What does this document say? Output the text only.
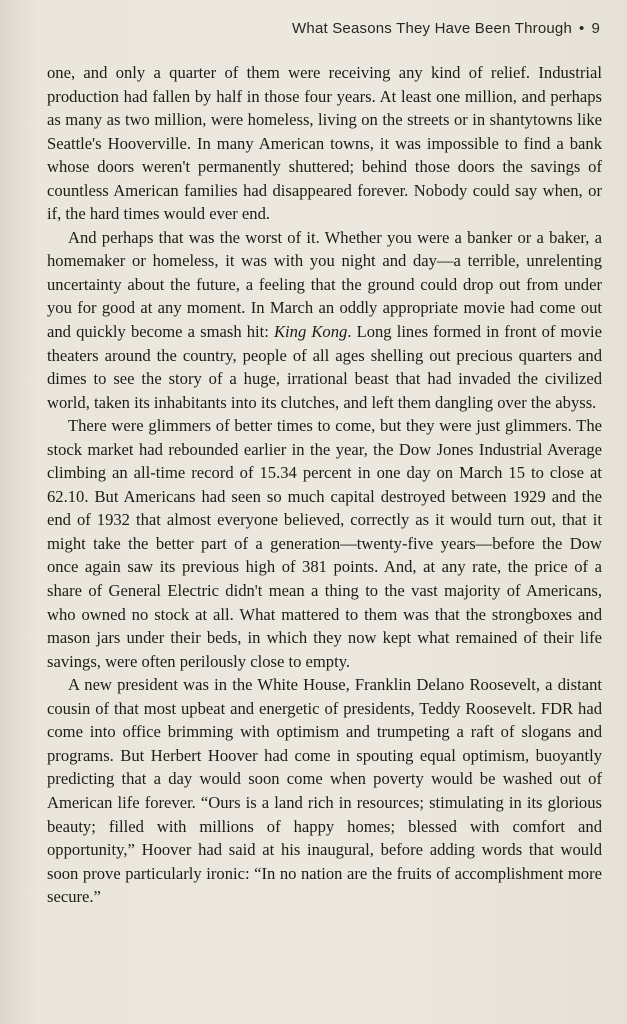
What Seasons They Have Been Through • 9

one, and only a quarter of them were receiving any kind of relief. Industrial production had fallen by half in those four years. At least one million, and perhaps as many as two million, were homeless, living on the streets or in shantytowns like Seattle's Hooverville. In many American towns, it was impossible to find a bank whose doors weren't permanently shuttered; behind those doors the savings of countless American families had disappeared forever. Nobody could say when, or if, the hard times would ever end.

And perhaps that was the worst of it. Whether you were a banker or a baker, a homemaker or homeless, it was with you night and day—a terrible, unrelenting uncertainty about the future, a feeling that the ground could drop out from under you for good at any moment. In March an oddly appropriate movie had come out and quickly become a smash hit: King Kong. Long lines formed in front of movie theaters around the country, people of all ages shelling out precious quarters and dimes to see the story of a huge, irrational beast that had invaded the civilized world, taken its inhabitants into its clutches, and left them dangling over the abyss.

There were glimmers of better times to come, but they were just glimmers. The stock market had rebounded earlier in the year, the Dow Jones Industrial Average climbing an all-time record of 15.34 percent in one day on March 15 to close at 62.10. But Americans had seen so much capital destroyed between 1929 and the end of 1932 that almost everyone believed, correctly as it would turn out, that it might take the better part of a generation—twenty-five years—before the Dow once again saw its previous high of 381 points. And, at any rate, the price of a share of General Electric didn't mean a thing to the vast majority of Americans, who owned no stock at all. What mattered to them was that the strongboxes and mason jars under their beds, in which they now kept what remained of their life savings, were often perilously close to empty.

A new president was in the White House, Franklin Delano Roosevelt, a distant cousin of that most upbeat and energetic of presidents, Teddy Roosevelt. FDR had come into office brimming with optimism and trumpeting a raft of slogans and programs. But Herbert Hoover had come in spouting equal optimism, buoyantly predicting that a day would soon come when poverty would be washed out of American life forever. “Ours is a land rich in resources; stimulating in its glorious beauty; filled with millions of happy homes; blessed with comfort and opportunity,” Hoover had said at his inaugural, before adding words that would soon prove particularly ironic: “In no nation are the fruits of accomplishment more secure.”
